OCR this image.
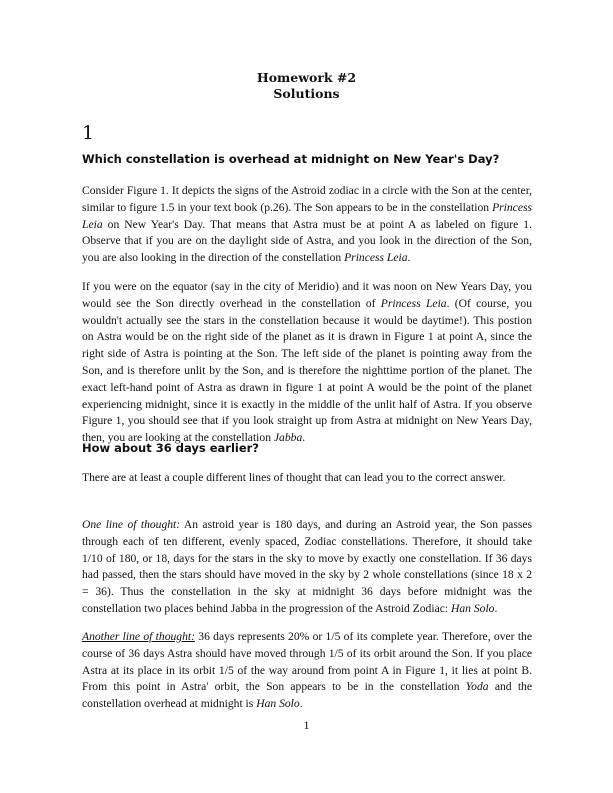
Homework #2
Solutions
1
Which constellation is overhead at midnight on New Year's Day?

Consider Figure 1. It depicts the signs of the Astroid zodiac in a circle with the Son at the center, similar to figure 1.5 in your text book (p.26). The Son appears to be in the constellation Princess Leia on New Year's Day. That means that Astra must be at point A as labeled on figure 1. Observe that if you are on the daylight side of Astra, and you look in the direction of the Son, you are also looking in the direction of the constellation Princess Leia.

If you were on the equator (say in the city of Meridio) and it was noon on New Years Day, you would see the Son directly overhead in the constellation of Princess Leia. (Of course, you wouldn't actually see the stars in the constellation because it would be daytime!). This postion on Astra would be on the right side of the planet as it is drawn in Figure 1 at point A, since the right side of Astra is pointing at the Son. The left side of the planet is pointing away from the Son, and is therefore unlit by the Son, and is therefore the nighttime portion of the planet. The exact left-hand point of Astra as drawn in figure 1 at point A would be the point of the planet experiencing midnight, since it is exactly in the middle of the unlit half of Astra. If you observe Figure 1, you should see that if you look straight up from Astra at midnight on New Years Day, then, you are looking at the constellation Jabba.

How about 36 days earlier?

There are at least a couple different lines of thought that can lead you to the correct answer.

One line of thought: An astroid year is 180 days, and during an Astroid year, the Son passes through each of ten different, evenly spaced, Zodiac constellations. Therefore, it should take 1/10 of 180, or 18, days for the stars in the sky to move by exactly one constellation. If 36 days had passed, then the stars should have moved in the sky by 2 whole constellations (since 18 x 2 = 36). Thus the constellation in the sky at midnight 36 days before midnight was the constellation two places behind Jabba in the progression of the Astroid Zodiac: Han Solo.

Another line of thought: 36 days represents 20% or 1/5 of its complete year. Therefore, over the course of 36 days Astra should have moved through 1/5 of its orbit around the Son. If you place Astra at its place in its orbit 1/5 of the way around from point A in Figure 1, it lies at point B. From this point in Astra' orbit, the Son appears to be in the constellation Yoda and the constellation overhead at midnight is Han Solo.

1
